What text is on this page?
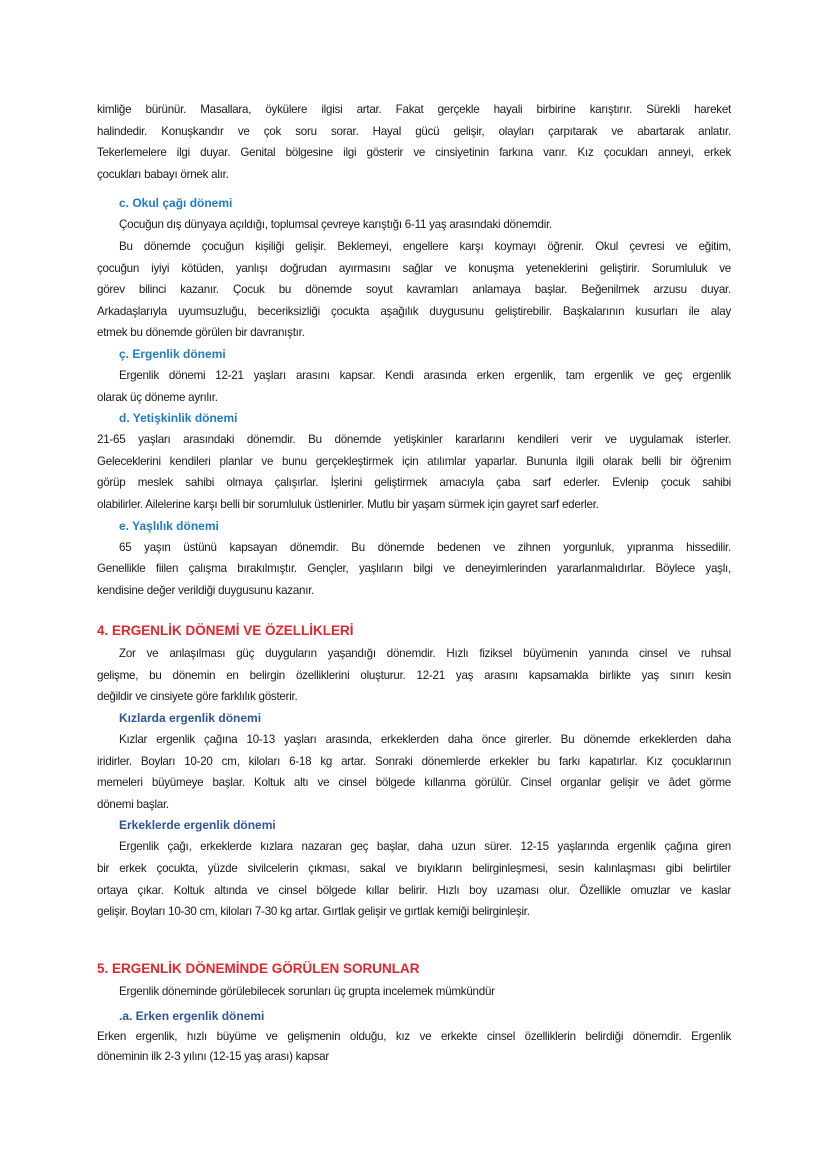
kimliğe bürünür. Masallara, öykülere ilgisi artar. Fakat gerçekle hayali birbirine karıştırır. Sürekli hareket
halindedir. Konuşkandır ve çok soru sorar. Hayal gücü gelişir, olayları çarpıtarak ve abartarak anlatır.
Tekerlemelere ilgi duyar. Genital bölgesine ilgi gösterir ve cinsiyetinin farkına varır. Kız çocukları anneyi, erkek
çocukları babayı örnek alır.
c. Okul çağı dönemi
Çocuğun dış dünyaya açıldığı, toplumsal çevreye karıştığı 6-11 yaş arasındaki dönemdir.
Bu dönemde çocuğun kişiliği gelişir. Beklemeyi, engellere karşı koymayı öğrenir. Okul çevresi ve eğitim,
çocuğun iyiyi kötüden, yanlışı doğrudan ayırmasını sağlar ve konuşma yeteneklerini geliştirir. Sorumluluk ve
görev bilinci kazanır. Çocuk bu dönemde soyut kavramları anlamaya başlar. Beğenilmek arzusu duyar.
Arkadaşlarıyla uyumsuzluğu, beceriksizliği çocukta aşağılık duygusunu geliştirebilir. Başkalarının kusurları ile alay
etmek bu dönemde görülen bir davranıştır.
ç. Ergenlik dönemi
Ergenlik dönemi 12-21 yaşları arasını kapsar. Kendi arasında erken ergenlik, tam ergenlik ve geç ergenlik
olarak üç döneme ayrılır.
d. Yetişkinlik dönemi
21-65 yaşları arasındaki dönemdir. Bu dönemde yetişkinler kararlarını kendileri verir ve uygulamak isterler.
Geleceklerini kendileri planlar ve bunu gerçekleştirmek için atılımlar yaparlar. Bununla ilgili olarak belli bir öğrenim
görüp meslek sahibi olmaya çalışırlar. İşlerini geliştirmek amacıyla çaba sarf ederler. Evlenip çocuk sahibi
olabilirler. Ailelerine karşı belli bir sorumluluk üstlenirler. Mutlu bir yaşam sürmek için gayret sarf ederler.
e. Yaşlılık dönemi
65 yaşın üstünü kapsayan dönemdir. Bu dönemde bedenen ve zihnen yorgunluk, yıpranma hissedilir.
Genellikle fiilen çalışma bırakılmıştır. Gençler, yaşlıların bilgi ve deneyimlerinden yararlanmalıdırlar. Böylece yaşlı,
kendisine değer verildiği duygusunu kazanır.
4. ERGENLİK DÖNEMİ VE ÖZELLİKLERİ
Zor ve anlaşılması güç duyguların yaşandığı dönemdir. Hızlı fiziksel büyümenin yanında cinsel ve ruhsal
gelişme, bu dönemin en belirgin özelliklerini oluşturur. 12-21 yaş arasını kapsamakla birlikte yaş sınırı kesin
değildir ve cinsiyete göre farklılık gösterir.
Kızlarda ergenlik dönemi
Kızlar ergenlik çağına 10-13 yaşları arasında, erkeklerden daha önce girerler. Bu dönemde erkeklerden daha
iridirler. Boyları 10-20 cm, kiloları 6-18 kg artar. Sonraki dönemlerde erkekler bu farkı kapatırlar. Kız çocuklarının
memeleri büyümeye başlar. Koltuk altı ve cinsel bölgede kıllanma görülür. Cinsel organlar gelişir ve âdet görme
dönemi başlar.
Erkeklerde ergenlik dönemi
Ergenlik çağı, erkeklerde kızlara nazaran geç başlar, daha uzun sürer. 12-15 yaşlarında ergenlik çağına giren
bir erkek çocukta, yüzde sivilcelerin çıkması, sakal ve bıyıkların belirginleşmesi, sesin kalınlaşması gibi belirtiler
ortaya çıkar. Koltuk altında ve cinsel bölgede kıllar belirir. Hızlı boy uzaması olur. Özellikle omuzlar ve kaslar
gelişir. Boyları 10-30 cm, kiloları 7-30 kg artar. Gırtlak gelişir ve gırtlak kemiği belirginleşir.
5. ERGENLİK DÖNEMİNDE GÖRÜLEN SORUNLAR
Ergenlik döneminde görülebilecek sorunları üç grupta incelemek mümkündür
.a. Erken ergenlik dönemi
Erken ergenlik, hızlı büyüme ve gelişmenin olduğu, kız ve erkekte cinsel özelliklerin belirdiği dönemdir. Ergenlik
döneminin ilk 2-3 yılını (12-15 yaş arası) kapsar
